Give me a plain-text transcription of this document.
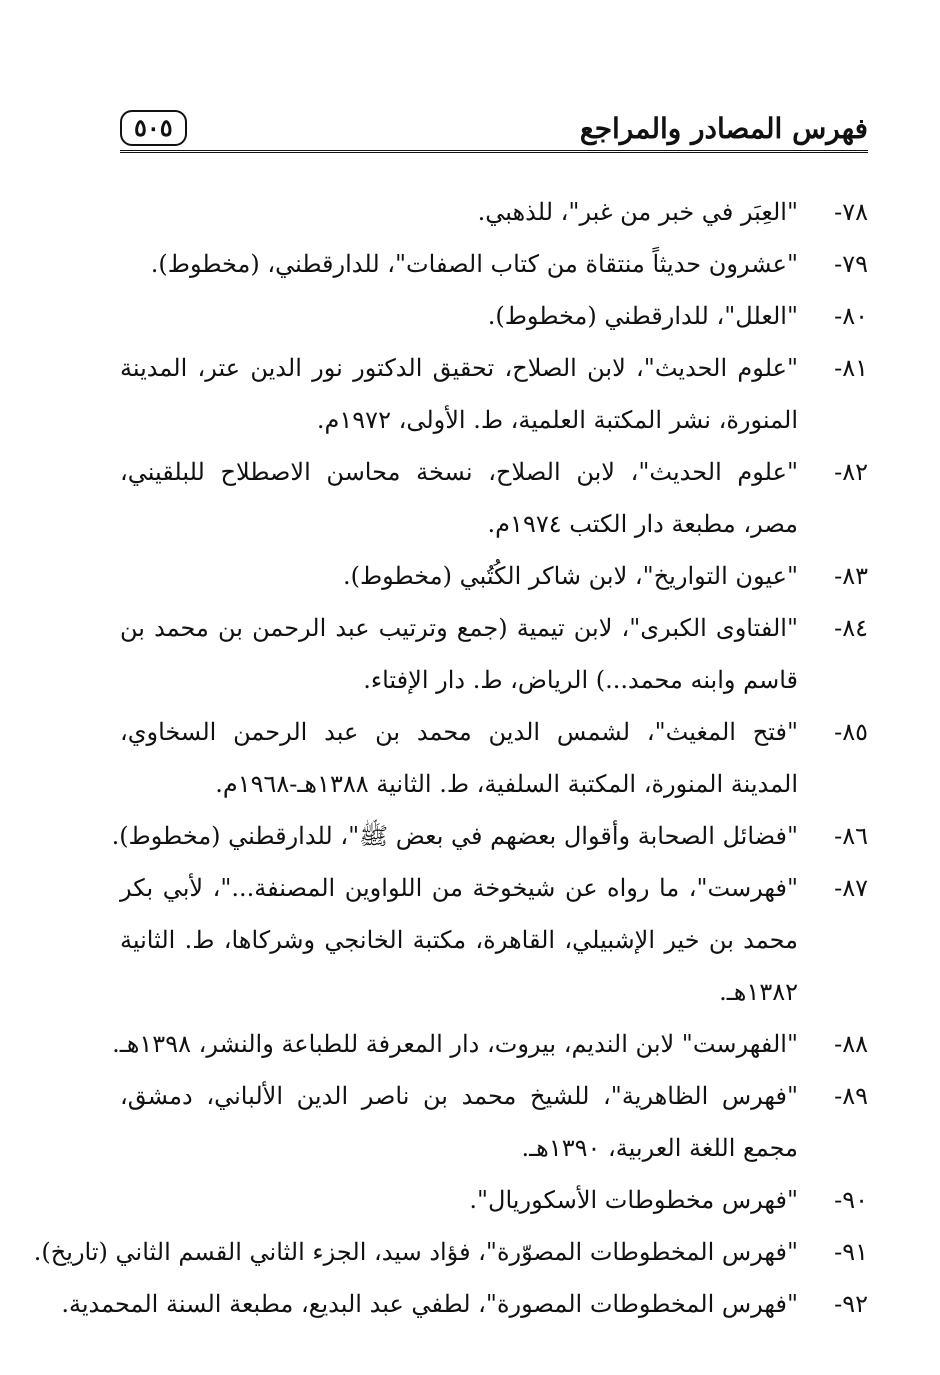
فهرس المصادر والمراجع
٥٠٥
٧٨-
"العِبَر في خبر من غبر"، للذهبي.
٧٩-
"عشرون حديثاً منتقاة من كتاب الصفات"، للدارقطني، (مخطوط).
٨٠-
"العلل"، للدارقطني (مخطوط).
٨١-
"علوم الحديث"، لابن الصلاح، تحقيق الدكتور نور الدين عتر، المدينة المنورة، نشر المكتبة العلمية، ط. الأولى، ١٩٧٢م.
٨٢-
"علوم الحديث"، لابن الصلاح، نسخة محاسن الاصطلاح للبلقيني، مصر، مطبعة دار الكتب ١٩٧٤م.
٨٣-
"عيون التواريخ"، لابن شاكر الكُتُبي (مخطوط).
٨٤-
"الفتاوى الكبرى"، لابن تيمية (جمع وترتيب عبد الرحمن بن محمد بن قاسم وابنه محمد...) الرياض، ط. دار الإفتاء.
٨٥-
"فتح المغيث"، لشمس الدين محمد بن عبد الرحمن السخاوي، المدينة المنورة، المكتبة السلفية، ط. الثانية ١٣٨٨هـ-١٩٦٨م.
٨٦-
"فضائل الصحابة وأقوال بعضهم في بعض ﷺ"، للدارقطني (مخطوط).
٨٧-
"فهرست"، ما رواه عن شيخوخة من اللواوين المصنفة..."، لأبي بكر محمد بن خير الإشبيلي، القاهرة، مكتبة الخانجي وشركاها، ط. الثانية ١٣٨٢هـ.
٨٨-
"الفهرست" لابن النديم، بيروت، دار المعرفة للطباعة والنشر، ١٣٩٨هـ.
٨٩-
"فهرس الظاهرية"، للشيخ محمد بن ناصر الدين الألباني، دمشق، مجمع اللغة العربية، ١٣٩٠هـ.
٩٠-
"فهرس مخطوطات الأسكوريال".
٩١-
"فهرس المخطوطات المصوّرة"، فؤاد سيد، الجزء الثاني القسم الثاني (تاريخ).
٩٢-
"فهرس المخطوطات المصورة"، لطفي عبد البديع، مطبعة السنة المحمدية.
